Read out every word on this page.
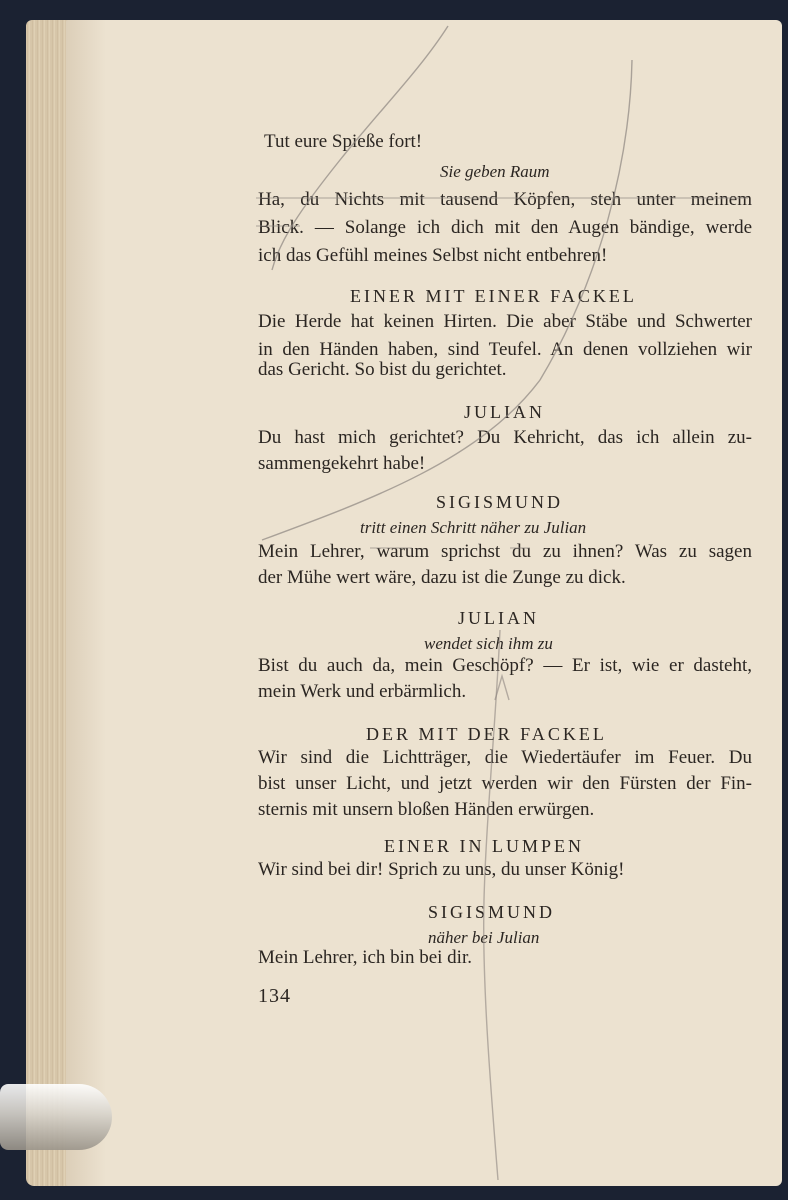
Tut eure Spieße fort!
Sie geben Raum
Ha, du Nichts mit tausend Köpfen, steh unter meinem
Blick. — Solange ich dich mit den Augen bändige, werde
ich das Gefühl meines Selbst nicht entbehren!
EINER MIT EINER FACKEL
Die Herde hat keinen Hirten. Die aber Stäbe und Schwerter
in den Händen haben, sind Teufel. An denen vollziehen wir
das Gericht. So bist du gerichtet.
JULIAN
Du hast mich gerichtet? Du Kehricht, das ich allein zu-
sammengekehrt habe!
SIGISMUND
tritt einen Schritt näher zu Julian
Mein Lehrer, warum sprichst du zu ihnen? Was zu sagen
der Mühe wert wäre, dazu ist die Zunge zu dick.
JULIAN
wendet sich ihm zu
Bist du auch da, mein Geschöpf? — Er ist, wie er dasteht,
mein Werk und erbärmlich.
DER MIT DER FACKEL
Wir sind die Lichtträger, die Wiedertäufer im Feuer. Du
bist unser Licht, und jetzt werden wir den Fürsten der Fin-
sternis mit unsern bloßen Händen erwürgen.
EINER IN LUMPEN
Wir sind bei dir! Sprich zu uns, du unser König!
SIGISMUND
näher bei Julian
Mein Lehrer, ich bin bei dir.
134
